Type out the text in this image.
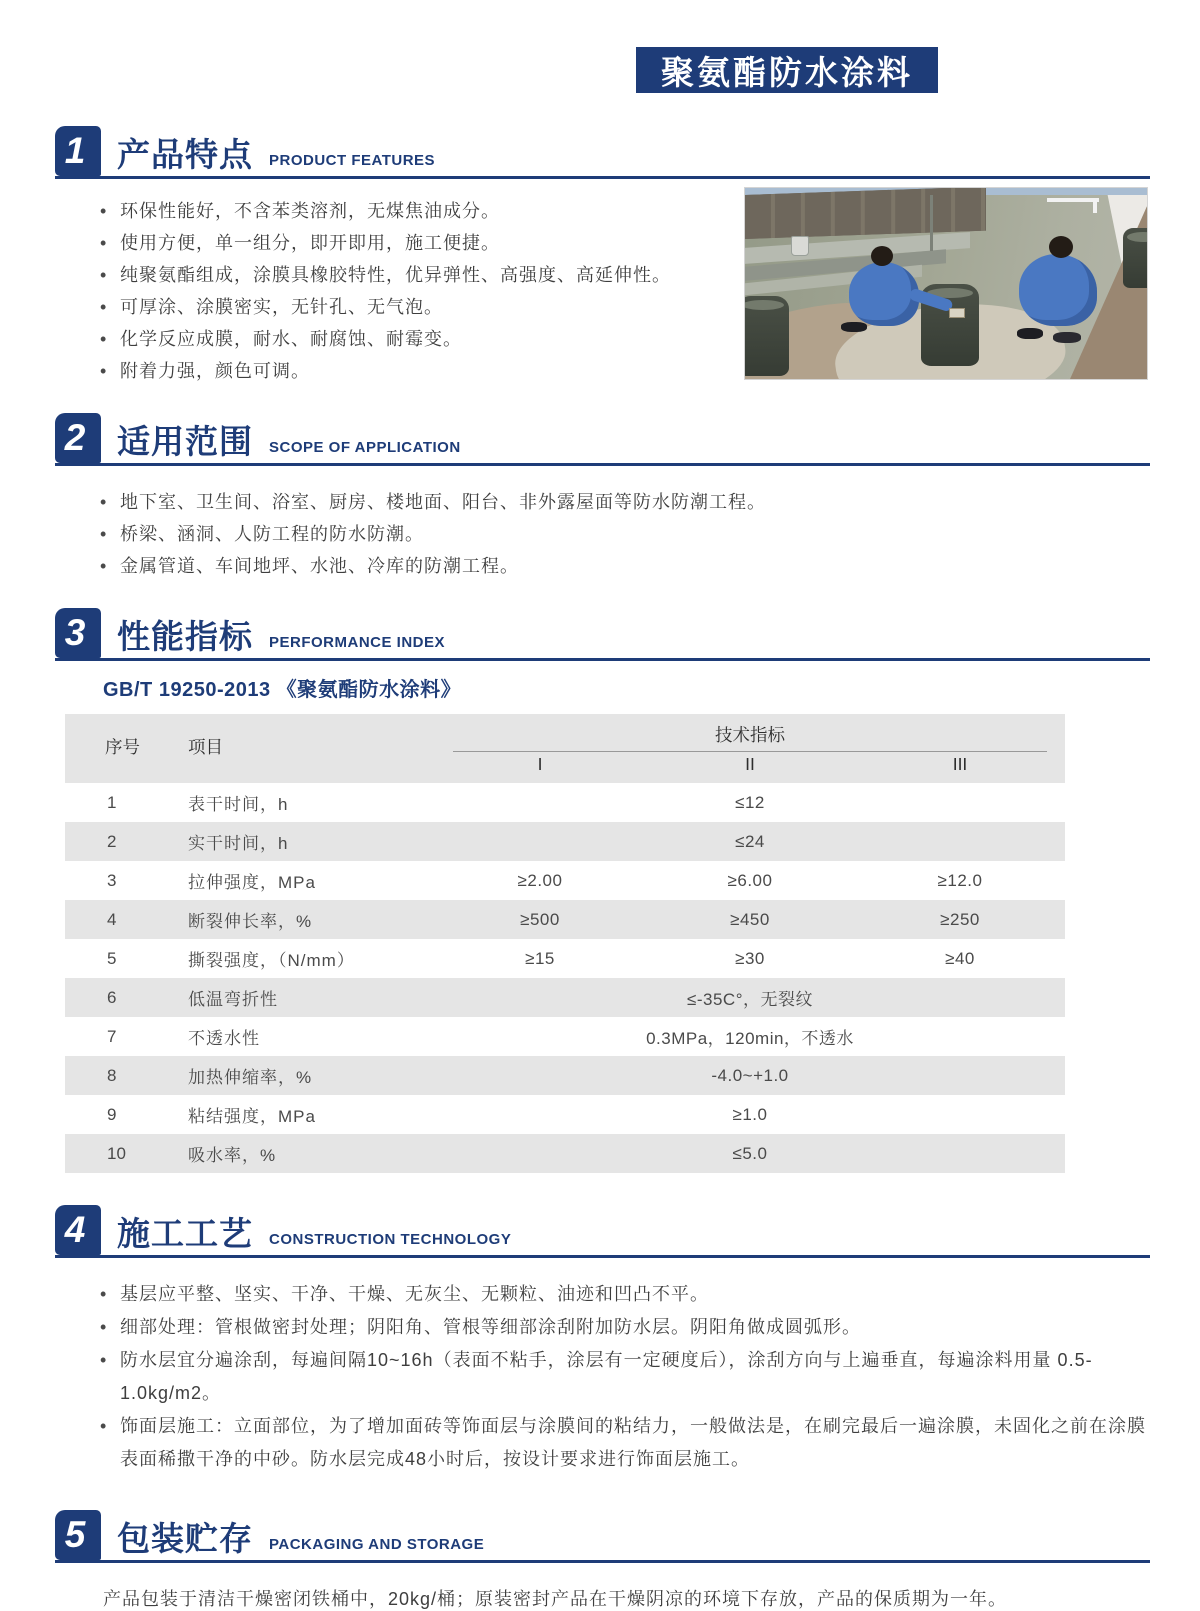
聚氨酯防水涂料
1 产品特点 PRODUCT FEATURES
• 环保性能好，不含苯类溶剂，无煤焦油成分。
• 使用方便，单一组分，即开即用，施工便捷。
• 纯聚氨酯组成，涂膜具橡胶特性，优异弹性、高强度、高延伸性。
• 可厚涂、涂膜密实，无针孔、无气泡。
• 化学反应成膜，耐水、耐腐蚀、耐霉变。
• 附着力强，颜色可调。
2 适用范围 SCOPE OF APPLICATION
• 地下室、卫生间、浴室、厨房、楼地面、阳台、非外露屋面等防水防潮工程。
• 桥梁、涵洞、人防工程的防水防潮。
• 金属管道、车间地坪、水池、冷库的防潮工程。
3 性能指标 PERFORMANCE INDEX
GB/T 19250-2013 《聚氨酯防水涂料》
序号	项目	技术指标		

		I	II	III
1	表干时间，h	≤12		
2	实干时间，h	≤24		
3	拉伸强度，MPa	≥2.00	≥6.00	≥12.0
4	断裂伸长率，%	≥500	≥450	≥250
5	撕裂强度，（N/mm）	≥15	≥30	≥40
6	低温弯折性	≤-35C°，无裂纹		
7	不透水性	0.3MPa，120min，不透水		
8	加热伸缩率，%	-4.0~+1.0		
9	粘结强度，MPa	≥1.0		
10	吸水率，%	≤5.0		
4 施工工艺 CONSTRUCTION TECHNOLOGY
• 基层应平整、坚实、干净、干燥、无灰尘、无颗粒、油迹和凹凸不平。
• 细部处理：管根做密封处理；阴阳角、管根等细部涂刮附加防水层。阴阳角做成圆弧形。
• 防水层宜分遍涂刮，每遍间隔10~16h（表面不粘手，涂层有一定硬度后），涂刮方向与上遍垂直，每遍涂料用量 0.5-1.0kg/m2。
• 饰面层施工：立面部位，为了增加面砖等饰面层与涂膜间的粘结力，一般做法是，在刷完最后一遍涂膜，未固化之前在涂膜表面稀撒干净的中砂。防水层完成48小时后，按设计要求进行饰面层施工。
5 包装贮存 PACKAGING AND STORAGE
产品包装于清洁干燥密闭铁桶中，20kg/桶；原装密封产品在干燥阴凉的环境下存放，产品的保质期为一年。
